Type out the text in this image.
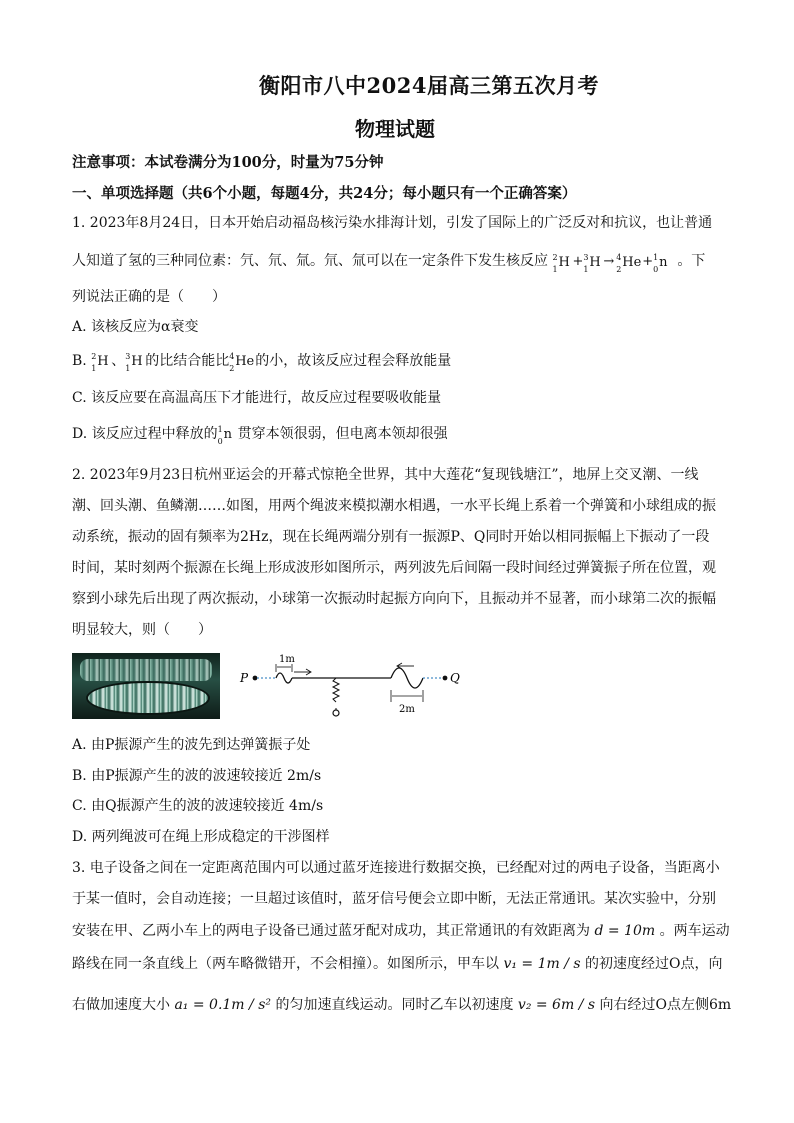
衡阳市八中2024届高三第五次月考
物理试题
注意事项：本试卷满分为100分，时量为75分钟
一、单项选择题（共6个小题，每题4分，共24分；每小题只有一个正确答案）
1. 2023年8月24日，日本开始启动福岛核污染水排海计划，引发了国际上的广泛反对和抗议，也让普通
人知道了氢的三种同位素：氕、氘、氚。氘、氚可以在一定条件下发生核反应 2
1 H + 3
1 H → 4
2 He + 1
0 n 。下
列说法正确的是（　　）
A. 该核反应为α衰变
B. 2
1 H 、 3
1 H 的比结合能比 4
2 He 的小，故该反应过程会释放能量
C. 该反应要在高温高压下才能进行，故反应过程要吸收能量
D. 该反应过程中释放的 1
0 n 贯穿本领很弱，但电离本领却很强
2. 2023年9月23日杭州亚运会的开幕式惊艳全世界，其中大莲花“复现钱塘江”，地屏上交叉潮、一线
潮、回头潮、鱼鳞潮……如图，用两个绳波来模拟潮水相遇，一水平长绳上系着一个弹簧和小球组成的振
动系统，振动的固有频率为2Hz，现在长绳两端分别有一振源P、Q同时开始以相同振幅上下振动了一段
时间，某时刻两个振源在长绳上形成波形如图所示，两列波先后间隔一段时间经过弹簧振子所在位置，观
察到小球先后出现了两次振动，小球第一次振动时起振方向向下，且振动并不显著，而小球第二次的振幅
明显较大，则（　　）
P
1m
Q
2m
A. 由P振源产生的波先到达弹簧振子处
B. 由P振源产生的波的波速较接近 2m/s
C. 由Q振源产生的波的波速较接近 4m/s
D. 两列绳波可在绳上形成稳定的干涉图样
3. 电子设备之间在一定距离范围内可以通过蓝牙连接进行数据交换，已经配对过的两电子设备，当距离小
于某一值时，会自动连接；一旦超过该值时，蓝牙信号便会立即中断，无法正常通讯。某次实验中，分别
安装在甲、乙两小车上的两电子设备已通过蓝牙配对成功，其正常通讯的有效距离为 d = 10m 。两车运动
路线在同一条直线上（两车略微错开，不会相撞）。如图所示，甲车以 v₁ = 1m / s 的初速度经过O点，向
右做加速度大小 a₁ = 0.1m / s² 的匀加速直线运动。同时乙车以初速度 v₂ = 6m / s 向右经过O点左侧6m
